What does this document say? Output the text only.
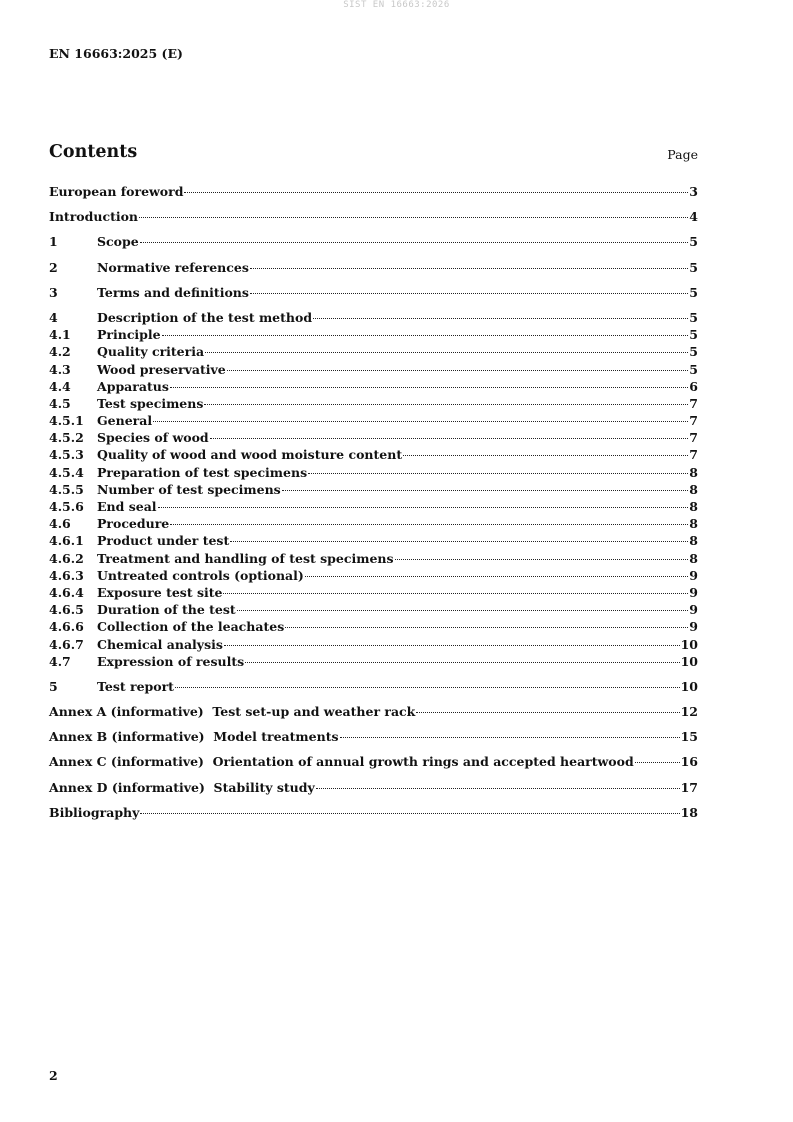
SIST EN 16663:2026
EN 16663:2025 (E)
Contents	Page
European foreword	3
Introduction	4
1	Scope	5
2	Normative references	5
3	Terms and definitions	5
4	Description of the test method	5
4.1	Principle	5
4.2	Quality criteria	5
4.3	Wood preservative	5
4.4	Apparatus	6
4.5	Test specimens	7
4.5.1	General	7
4.5.2	Species of wood	7
4.5.3	Quality of wood and wood moisture content	7
4.5.4	Preparation of test specimens	8
4.5.5	Number of test specimens	8
4.5.6	End seal	8
4.6	Procedure	8
4.6.1	Product under test	8
4.6.2	Treatment and handling of test specimens	8
4.6.3	Untreated controls (optional)	9
4.6.4	Exposure test site	9
4.6.5	Duration of the test	9
4.6.6	Collection of the leachates	9
4.6.7	Chemical analysis	10
4.7	Expression of results	10
5	Test report	10
Annex A (informative)  Test set-up and weather rack	12
Annex B (informative)  Model treatments	15
Annex C (informative)  Orientation of annual growth rings and accepted heartwood	16
Annex D (informative)  Stability study	17
Bibliography	18
2
